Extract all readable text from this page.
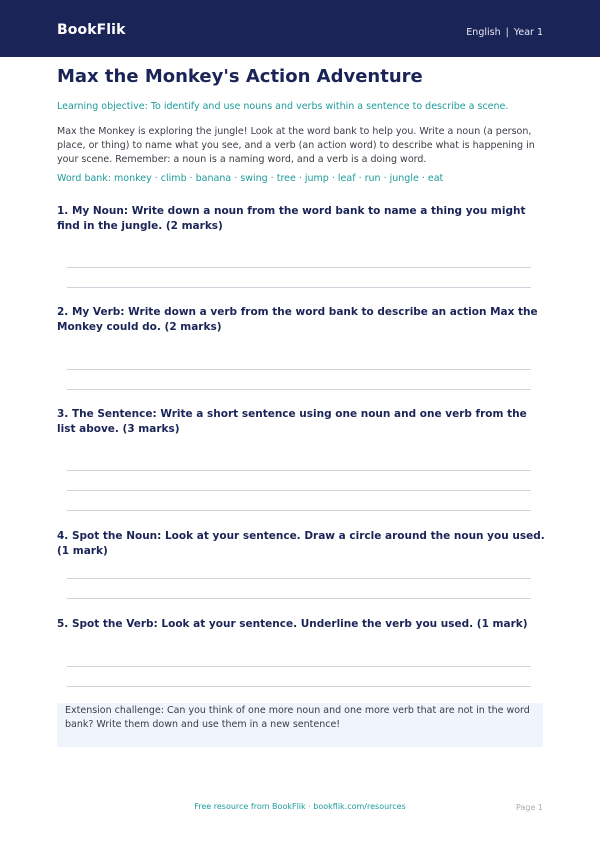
BookFlik	English | Year 1
Max the Monkey's Action Adventure
Learning objective: To identify and use nouns and verbs within a sentence to describe a scene.
Max the Monkey is exploring the jungle! Look at the word bank to help you. Write a noun (a person, place, or thing) to name what you see, and a verb (an action word) to describe what is happening in your scene. Remember: a noun is a naming word, and a verb is a doing word.
Word bank: monkey · climb · banana · swing · tree · jump · leaf · run · jungle · eat
1. My Noun: Write down a noun from the word bank to name a thing you might find in the jungle. (2 marks)
2. My Verb: Write down a verb from the word bank to describe an action Max the Monkey could do. (2 marks)
3. The Sentence: Write a short sentence using one noun and one verb from the list above. (3 marks)
4. Spot the Noun: Look at your sentence. Draw a circle around the noun you used. (1 mark)
5. Spot the Verb: Look at your sentence. Underline the verb you used. (1 mark)
Extension challenge: Can you think of one more noun and one more verb that are not in the word bank? Write them down and use them in a new sentence!
Free resource from BookFlik · bookflik.com/resources	Page 1
